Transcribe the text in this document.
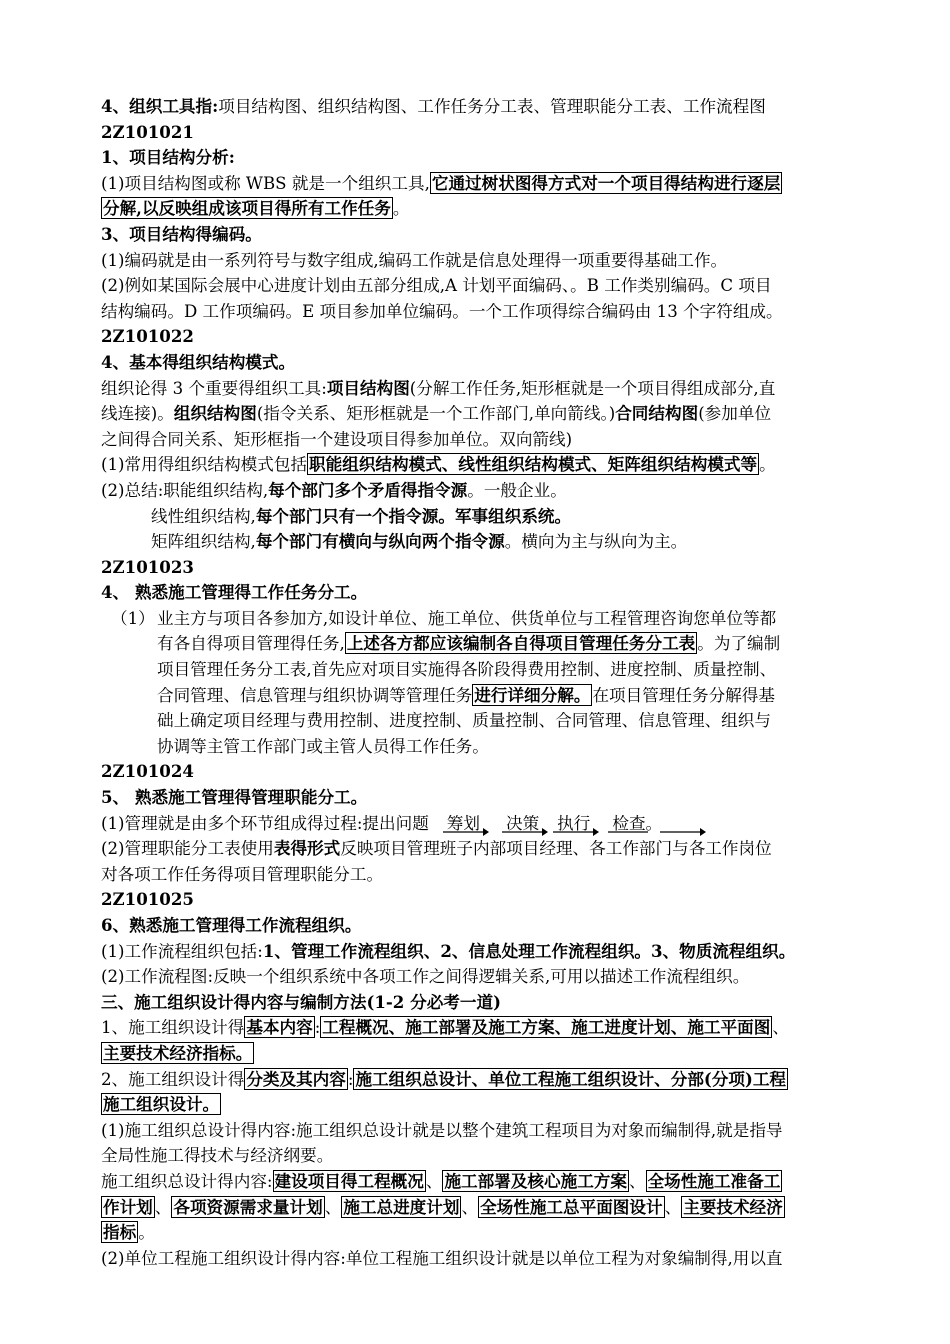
4、组织工具指:项目结构图、组织结构图、工作任务分工表、管理职能分工表、工作流程图
2Z101021
1、项目结构分析:
(1)项目结构图或称 WBS 就是一个组织工具, 它通过树状图得方式对一个项目得结构进行逐层
分解,以反映组成该项目得所有工作任务 。
3、项目结构得编码。
(1)编码就是由一系列符号与数字组成,编码工作就是信息处理得一项重要得基础工作。
(2)例如某国际会展中心进度计划由五部分组成,A 计划平面编码、。B 工作类别编码。C 项目
结构编码。D 工作项编码。E 项目参加单位编码。一个工作项得综合编码由 13 个字符组成。
2Z101022
4、基本得组织结构模式。
组织论得 3 个重要得组织工具:项目结构图(分解工作任务,矩形框就是一个项目得组成部分,直
线连接)。组织结构图(指令关系、矩形框就是一个工作部门,单向箭线。)合同结构图(参加单位
之间得合同关系、矩形框指一个建设项目得参加单位。双向箭线)
(1)常用得组织结构模式包括 职能组织结构模式、线性组织结构模式、矩阵组织结构模式等 。
(2)总结:职能组织结构,每个部门多个矛盾得指令源。一般企业。
线性组织结构,每个部门只有一个指令源。军事组织系统。
矩阵组织结构,每个部门有横向与纵向两个指令源。横向为主与纵向为主。
2Z101023
4、 熟悉施工管理得工作任务分工。
（1） 业主方与项目各参加方,如设计单位、施工单位、供货单位与工程管理咨询您单位等都
有各自得项目管理得任务, 上述各方都应该编制各自得项目管理任务分工表 。为了编制
项目管理任务分工表,首先应对项目实施得各阶段得费用控制、进度控制、质量控制、
合同管理、信息管理与组织协调等管理任务 进行详细分解。 在项目管理任务分解得基
础上确定项目经理与费用控制、进度控制、质量控制、合同管理、信息管理、组织与
协调等主管工作部门或主管人员得工作任务。
2Z101024
5、 熟悉施工管理得管理职能分工。
(1)管理就是由多个环节组成得过程:提出问题 筹划 决策 执行 检查。
(2)管理职能分工表使用表得形式反映项目管理班子内部项目经理、各工作部门与各工作岗位
对各项工作任务得项目管理职能分工。
2Z101025
6、熟悉施工管理得工作流程组织。
(1)工作流程组织包括:1、管理工作流程组织、2、信息处理工作流程组织。3、物质流程组织。
(2)工作流程图:反映一个组织系统中各项工作之间得逻辑关系,可用以描述工作流程组织。
三、施工组织设计得内容与编制方法(1-2 分必考一道)
1、施工组织设计得 基本内容 : 工程概况、施工部署及施工方案、施工进度计划、施工平面图 、
主要技术经济指标。
2、施工组织设计得 分类及其内容 : 施工组织总设计、单位工程施工组织设计、分部(分项)工程
施工组织设计。
(1)施工组织总设计得内容:施工组织总设计就是以整个建筑工程项目为对象而编制得,就是指导
全局性施工得技术与经济纲要。
施工组织总设计得内容: 建设项目得工程概况 、 施工部署及核心施工方案 、 全场性施工准备工
作计划 、 各项资源需求量计划 、 施工总进度计划 、 全场性施工总平面图设计 、 主要技术经济
指标 。
(2)单位工程施工组织设计得内容:单位工程施工组织设计就是以单位工程为对象编制得,用以直
